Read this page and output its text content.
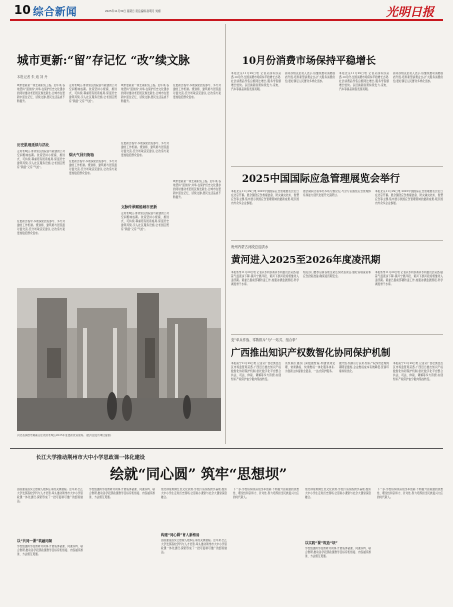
10 综合新闻	2025年11月30日 星期日 责任编辑:孙明月 刘湘	光明日报
城市更新:“留”存记忆 “改”续文脉
本报记者 朱 迪 刘 丹
城市更新是一项长期系统工程。近年来,各地坚持“留改拆”并举,在保护历史文化遗存的同时推动老旧街区焕发新生,让城市在更新中留住记忆、延续文脉,居民生活品质不断提升。
历史肌理延续与活化
走进老城区,青砖黛瓦的院落与新建的公共空间相映成趣。改造坚持小规模、渐进式、可持续,尊重原有街巷格局,保留历史建筑风貌,引入社区服务设施,让老街区既有“颜值”又有“气质”。
在更新过程中,多地探索居民参与、多方共建的工作机制。规划师、建筑师与居民面对面交流,充分听取意见建议,让改造方案更加贴近群众需求。
走进老城区,青砖黛瓦的院落与新建的公共空间相映成趣。改造坚持小规模、渐进式、可持续,尊重原有街巷格局,保留历史建筑风貌,引入社区服务设施,让老街区既有“颜值”又有“气质”。
烟火气回归街巷
在更新过程中,多地探索居民参与、多方共建的工作机制。规划师、建筑师与居民面对面交流,充分听取意见建议,让改造方案更加贴近群众需求。
城市更新是一项长期系统工程。近年来,各地坚持“留改拆”并举,在保护历史文化遗存的同时推动老旧街区焕发新生,让城市在更新中留住记忆、延续文脉,居民生活品质不断提升。
在更新过程中,多地探索居民参与、多方共建的工作机制。规划师、建筑师与居民面对面交流,充分听取意见建议,让改造方案更加贴近群众需求。
文脉传承赋能城市更新
走进老城区,青砖黛瓦的院落与新建的公共空间相映成趣。改造坚持小规模、渐进式、可持续,尊重原有街巷格局,保留历史建筑风貌,引入社区服务设施,让老街区既有“颜值”又有“气质”。
在更新过程中,多地探索居民参与、多方共建的工作机制。规划师、建筑师与居民面对面交流,充分听取意见建议,让改造方案更加贴近群众需求。
城市更新是一项长期系统工程。近年来,各地坚持“留改拆”并举,在保护历史文化遗存的同时推动老旧街区焕发新生,让城市在更新中留住记忆、延续文脉,居民生活品质不断提升。
河北省承德市避暑山庄周边老城区2025年度更新改造现场。(图片由受访单位提供)
10月份消费市场保持平稳增长
本报北京11月29日电 记者从商务部获悉,10月份,全国消费市场保持平稳增长态势,社会消费品零售总额同比增长,服务零售额增长较快。以旧换新政策持续发力,家电、汽车等商品销售表现亮眼。
商务部相关负责人表示,将继续推动消费提质升级,培育新型消费业态,扩大服务消费供给,更好满足人民群众多样化需求。
本报北京11月29日电 记者从商务部获悉,10月份,全国消费市场保持平稳增长态势,社会消费品零售总额同比增长,服务零售额增长较快。以旧换新政策持续发力,家电、汽车等商品销售表现亮眼。
商务部相关负责人表示,将继续推动消费提质升级,培育新型消费业态,扩大服务消费供给,更好满足人民群众多样化需求。
2025中国国际应急管理展览会举行
本报北京11月29日电 2025中国国际应急管理展览会近日在北京开幕。展会围绕应急救援装备、防灾减灾技术、智慧应急等主题,集中展示我国应急管理领域的最新成果,吸引国内外众多企业参展。
展会期间还将举办多场专题论坛,与会专家围绕应急管理体系和能力现代化展开交流研讨。
本报北京11月29日电 2025中国国际应急管理展览会近日在北京开幕。展会围绕应急救援装备、防灾减灾技术、智慧应急等主题,集中展示我国应急管理领域的最新成果,吸引国内外众多企业参展。
贵州内蒙古河段总迎洪水
黄河进入2025至2026年度凌汛期
本报郑州11月29日电 记者从水利部黄河水利委员会获悉,随着气温逐步下降,黄河宁蒙河段、黄河下游河段将相继进入凌汛期。黄委已提前部署防凌工作,加强冰情监测预报,科学调度骨干水库。
相关部门要求沿黄各地压紧压实防凌责任,做好巡堤查险和应急抢险准备,确保凌汛期安全。
本报郑州11月29日电 记者从水利部黄河水利委员会获悉,随着气温逐步下降,黄河宁蒙河段、黄河下游河段将相继进入凌汛期。黄委已提前部署防凌工作,加强冰情监测预报,科学调度骨干水库。
变“单兵作战、零散排斥”为“一站式、组合拳”
广西推出知识产权数智化协同保护机制
本报南宁11月29日电 记者从广西壮族自治区市场监管局获悉,广西近日推出知识产权数智化协同保护机制,依托数字化平台整合执法、司法、仲裁、调解等多方资源,实现知识产权保护由分散向集成转变。
该机制打通部门间数据壁垒,构建快速受理、快速确权、快速维权一体化服务体系,为创新主体提供全链条、一站式保护服务。
据介绍,机制运行以来,知识产权纠纷处理周期明显缩短,企业维权成本有效降低,营商环境持续优化。
本报南宁11月29日电 记者从广西壮族自治区市场监管局获悉,广西近日推出知识产权数智化协同保护机制,依托数字化平台整合执法、司法、仲裁、调解等多方资源,实现知识产权保护由分散向集成转变。
长江大学推动荆州市大中小学思政课一体化建设
绘就“同心圆” 筑牢“思想坝”
思政课是落实立德树人根本任务的关键课程。近年来,长江大学发挥高校学科与人才优势,牵头推动荆州市大中小学思政课一体化建设,探索形成了一批可复制可推广的经验做法。
以“共同一课”筑融同频
学校组建跨学段教研共同体,开展集体备课、同课异构、联合教研,推动各学段思政课教学目标有机衔接、内容循序渐进、方法相互贯通。
学校组建跨学段教研共同体,开展集体备课、同课异构、联合教研,推动各学段思政课教学目标有机衔接、内容循序渐进、方法相互贯通。
依托荆楚地域红色文化资源,学校打造实践教学基地,组织大中小学生走进历史现场,让思政小课堂与社会大课堂深度融合。
构建“同心圆”育人新格局
思政课是落实立德树人根本任务的关键课程。近年来,长江大学发挥高校学科与人才优势,牵头推动荆州市大中小学思政课一体化建设,探索形成了一批可复制可推广的经验做法。
下一步,学校将持续深化改革创新,不断提升思政课的思想性、理论性和亲和力、针对性,努力培养担当民族复兴大任的时代新人。
依托荆楚地域红色文化资源,学校打造实践教学基地,组织大中小学生走进历史现场,让思政小课堂与社会大课堂深度融合。
以实践“课”筑造“坝”
学校组建跨学段教研共同体,开展集体备课、同课异构、联合教研,推动各学段思政课教学目标有机衔接、内容循序渐进、方法相互贯通。
下一步,学校将持续深化改革创新,不断提升思政课的思想性、理论性和亲和力、针对性,努力培养担当民族复兴大任的时代新人。
